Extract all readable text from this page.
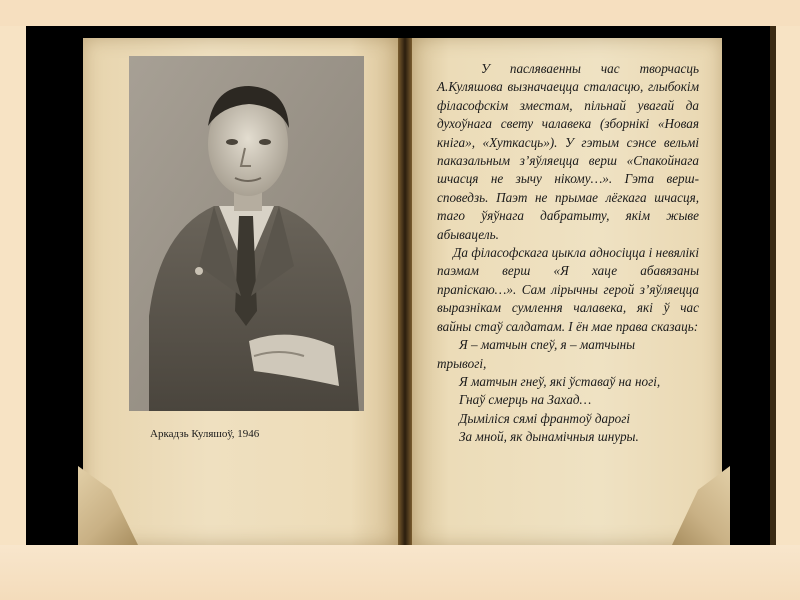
Аркадзь Куляшоў, 1946

У пасляваенны час творчасць А.Куляшова вызначаецца сталасцю, глыбокім філасофскім зместам, пільнай увагай да духоўнага свету чалавека (зборнікі «Новая кніга», «Хуткасць»). У гэтым сэнсе вельмі паказальным з’яўляецца верш «Спакойнага шчасця не зычу нікому…». Гэта верш-споведзь. Паэт не прымае лёгкага шчасця, таго ўяўнага дабратыту, якім жыве абывацель.

Да філасофскага цыкла адносіцца і невялікі паэмам верш «Я хаце абавязаны прапіскаю…». Сам лірычны герой з’яўляецца выразнікам сумлення чалавека, які ў час вайны стаў салдатам. І ён мае права сказаць:

Я – матчын спеў, я – матчыны
трывогі,
Я матчын гнеў, які ўставаў на ногі,
Гнаў смерць на Захад…
Дыміліся сямі франтоў дарогі
За мной, як дынамічныя шнуры.
